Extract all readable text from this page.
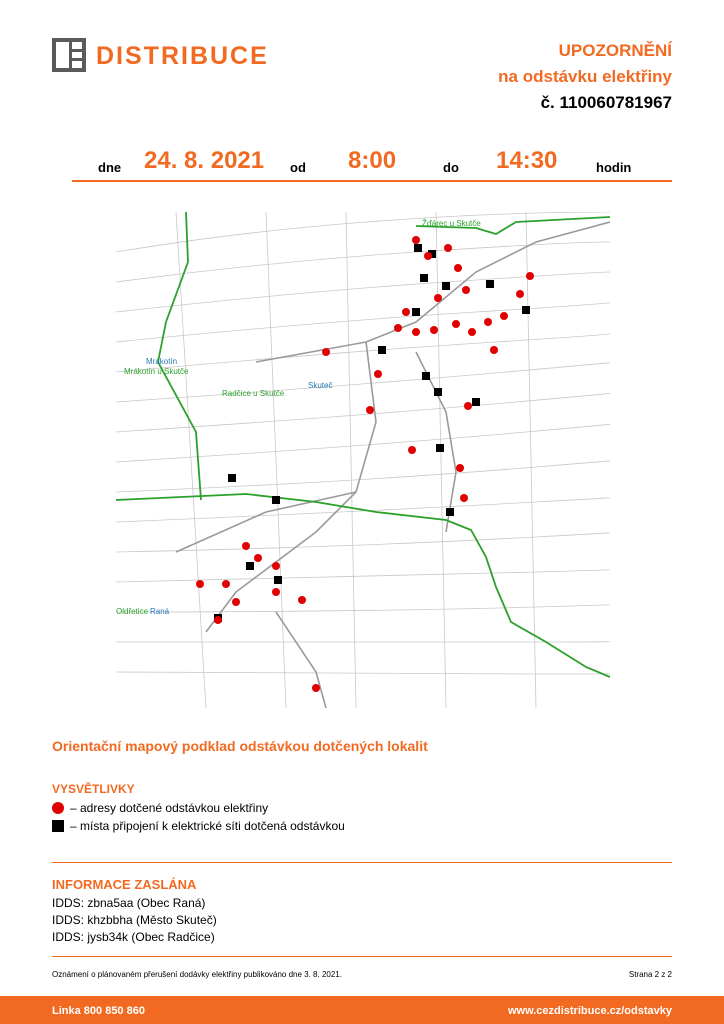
DISTRIBUCE	UPOZORNĚNÍ
na odstávku elektřiny
č. 110060781967
dne 24. 8. 2021 od 8:00	do 14:30	hodin
Žďárec u Skutče
Mrákotín
Mrákotín u Skutče
Radčice u Skutče
Skuteč
Oldřetice Raná
Orientační mapový podklad odstávkou dotčených lokalit
VYSVĚTLIVKY
– adresy dotčené odstávkou elektřiny
– místa připojení k elektrické síti dotčená odstávkou
INFORMACE ZASLÁNA
IDDS: zbna5aa (Obec Raná)
IDDS: khzbbha (Město Skuteč)
IDDS: jysb34k (Obec Radčice)
Oznámení o plánovaném přerušení dodávky elektřiny publikováno dne 3. 8. 2021.	Strana 2 z 2
Linka 800 850 860	www.cezdistribuce.cz/odstavky
